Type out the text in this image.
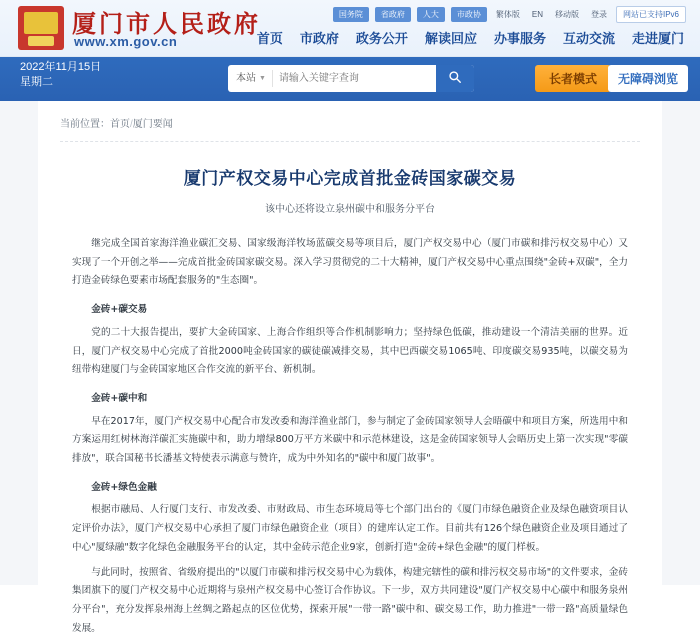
厦门市人民政府
www.xm.gov.cn
国务院	省政府	人大	市政协	繁体版	EN	移动版	登录	网站已支持IPv6
首页 市政府 政务公开 解读回应 办事服务 互动交流 走进厦门
2022年11月15日
星期二	本站 ▼
请输入关键字查询	长者模式	无障碍浏览
当前位置：首页/厦门要闻
厦门产权交易中心完成首批金砖国家碳交易
该中心还将设立泉州碳中和服务分平台

继完成全国首家海洋渔业碳汇交易、国家级海洋牧场蓝碳交易等项目后，厦门产权交易中心（厦门市碳和排污权交易中心）又实现了一个开创之举——完成首批金砖国家碳交易。深入学习贯彻党的二十大精神，厦门产权交易中心重点围绕"金砖+双碳"，全力打造金砖绿色要素市场配套服务的"生态圈"。

金砖+碳交易

党的二十大报告提出，要扩大金砖国家、上海合作组织等合作机制影响力；坚持绿色低碳，推动建设一个清洁美丽的世界。近日，厦门产权交易中心完成了首批2000吨金砖国家的碳徒碳减排交易，其中巴西碳交易1065吨、印度碳交易935吨，以碳交易为纽带构建厦门与金砖国家地区合作交流的新平台、新机制。

金砖+碳中和

早在2017年，厦门产权交易中心配合市发改委和海洋渔业部门，参与制定了金砖国家领导人会晤碳中和项目方案，所选用中和方案运用红树林海洋碳汇实施碳中和，助力增绿800万平方米碳中和示范林建设，这是金砖国家领导人会晤历史上第一次实现"零碳排放"，联合国秘书长潘基文特使表示满意与赞许，成为中外知名的"碳中和厦门故事"。

金砖+绿色金融

根据市融局、人行厦门支行、市发改委、市财政局、市生态环境局等七个部门出台的《厦门市绿色融资企业及绿色融资项目认定评价办法》，厦门产权交易中心承担了厦门市绿色融资企业（项目）的建库认定工作。目前共有126个绿色融资企业及项目通过了中心"厦绿融"数字化绿色金融服务平台的认定，其中金砖示范企业9家，创新打造"金砖+绿色金融"的厦门样板。

与此同时，按照省、省级府提出的"以厦门市碳和排污权交易中心为载体，构建完辖性的碳和排污权交易市场"的文件要求，金砖集团旗下的厦门产权交易中心近期将与泉州产权交易中心签订合作协议。下一步，双方共同建设"厦门产权交易中心碳中和服务泉州分平台"，充分发挥泉州海上丝绸之路起点的区位优势，探索开展"一带一路"碳中和、碳交易工作，助力推进"一带一路"高质量绿色发展。
